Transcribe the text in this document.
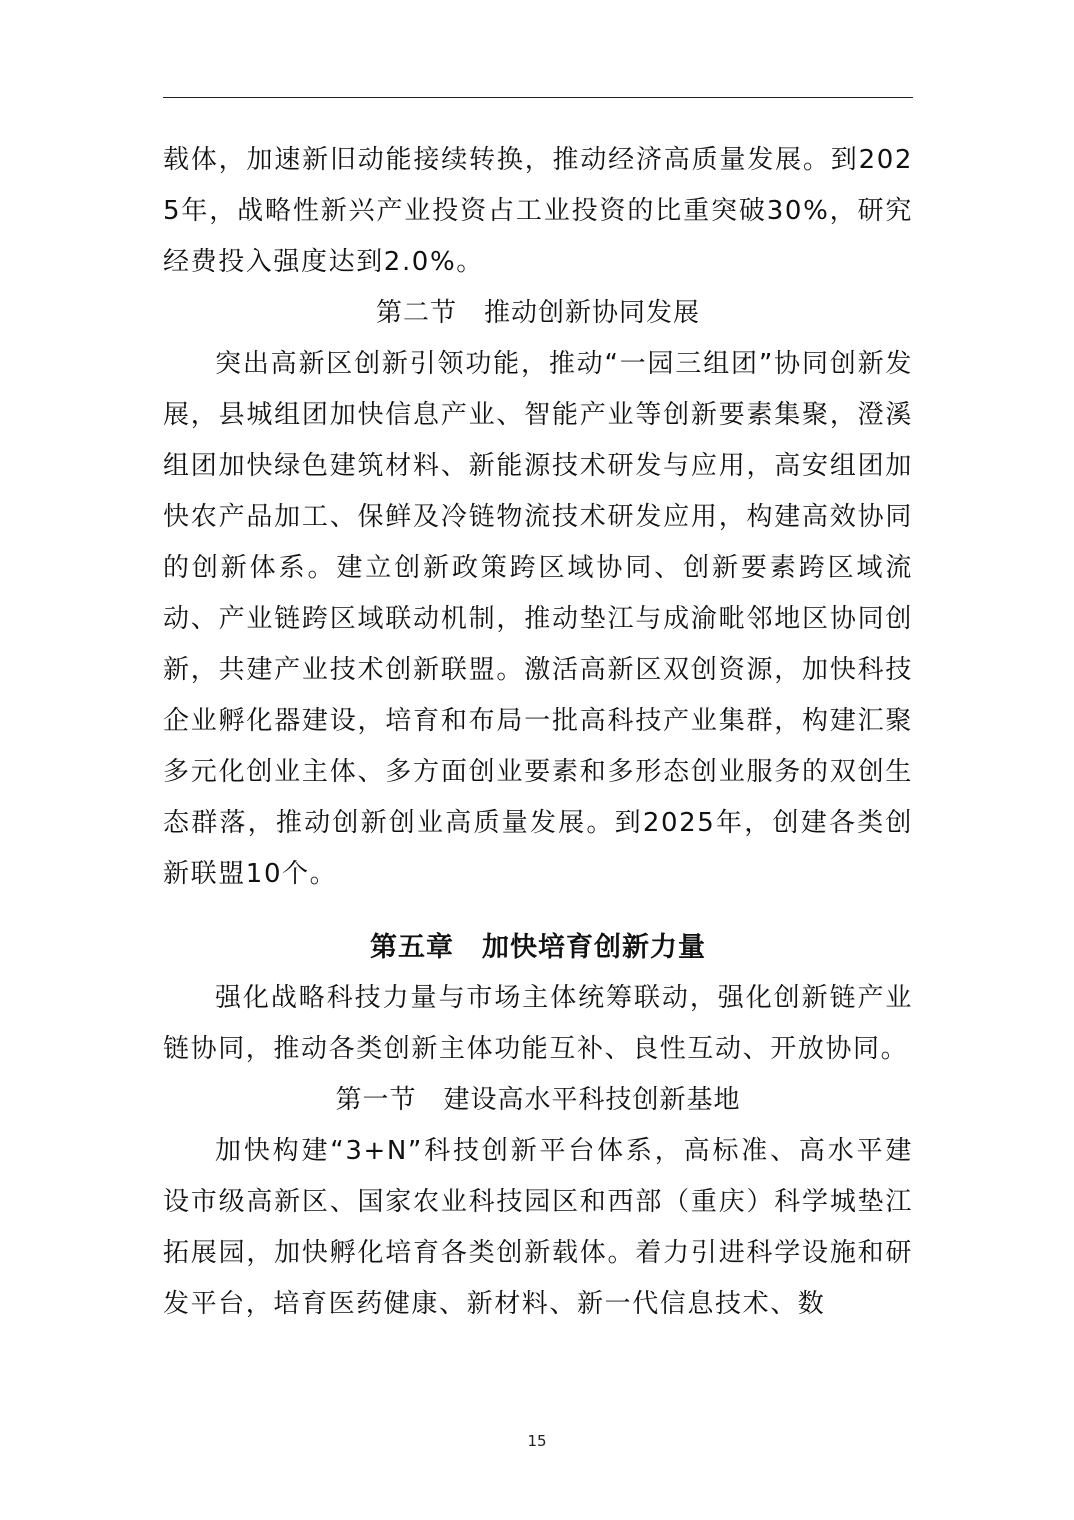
载体，加速新旧动能接续转换，推动经济高质量发展。到2025年，战略性新兴产业投资占工业投资的比重突破30%，研究经费投入强度达到2.0%。

第二节　推动创新协同发展

突出高新区创新引领功能，推动“一园三组团”协同创新发展，县城组团加快信息产业、智能产业等创新要素集聚，澄溪组团加快绿色建筑材料、新能源技术研发与应用，高安组团加快农产品加工、保鲜及冷链物流技术研发应用，构建高效协同的创新体系。建立创新政策跨区域协同、创新要素跨区域流动、产业链跨区域联动机制，推动垫江与成渝毗邻地区协同创新，共建产业技术创新联盟。激活高新区双创资源，加快科技企业孵化器建设，培育和布局一批高科技产业集群，构建汇聚多元化创业主体、多方面创业要素和多形态创业服务的双创生态群落，推动创新创业高质量发展。到2025年，创建各类创新联盟10个。

第五章　加快培育创新力量

强化战略科技力量与市场主体统筹联动，强化创新链产业链协同，推动各类创新主体功能互补、良性互动、开放协同。

第一节　建设高水平科技创新基地

加快构建“3+N”科技创新平台体系，高标准、高水平建设市级高新区、国家农业科技园区和西部（重庆）科学城垫江拓展园，加快孵化培育各类创新载体。着力引进科学设施和研发平台，培育医药健康、新材料、新一代信息技术、数

15
